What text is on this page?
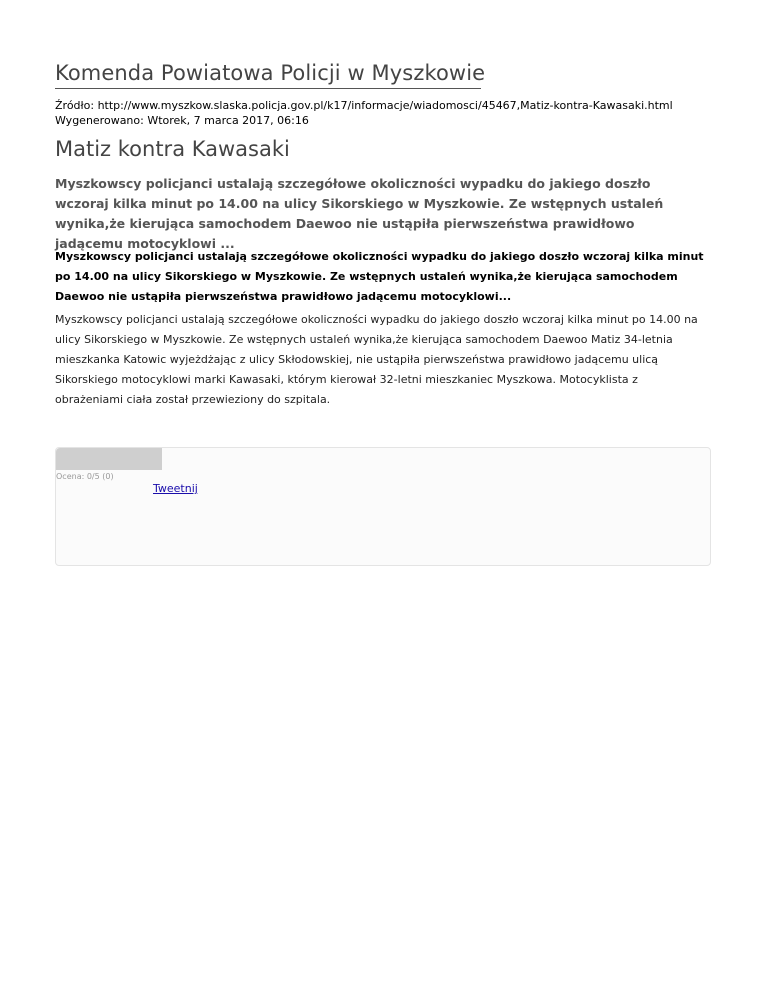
Komenda Powiatowa Policji w Myszkowie
Źródło: http://www.myszkow.slaska.policja.gov.pl/k17/informacje/wiadomosci/45467,Matiz-kontra-Kawasaki.html
Wygenerowano: Wtorek, 7 marca 2017, 06:16
Matiz kontra Kawasaki

Myszkowscy policjanci ustalają szczegółowe okoliczności wypadku do jakiego doszło wczoraj kilka minut po 14.00 na ulicy Sikorskiego w Myszkowie. Ze wstępnych ustaleń wynika,że kierująca samochodem Daewoo nie ustąpiła pierwszeństwa prawidłowo jadącemu motocyklowi ...

Myszkowscy policjanci ustalają szczegółowe okoliczności wypadku do jakiego doszło wczoraj kilka minut po 14.00 na ulicy Sikorskiego w Myszkowie. Ze wstępnych ustaleń wynika,że kierująca samochodem Daewoo nie ustąpiła pierwszeństwa prawidłowo jadącemu motocyklowi...

Myszkowscy policjanci ustalają szczegółowe okoliczności wypadku do jakiego doszło wczoraj kilka minut po 14.00 na ulicy Sikorskiego w Myszkowie. Ze wstępnych ustaleń wynika,że kierująca samochodem Daewoo Matiz 34-letnia mieszkanka Katowic wyjeżdżając z ulicy Skłodowskiej, nie ustąpiła pierwszeństwa prawidłowo jadącemu ulicą Sikorskiego motocyklowi marki Kawasaki, którym kierował 32-letni mieszkaniec Myszkowa. Motocyklista z obrażeniami ciała został przewieziony do szpitala.

Ocena: 0/5 (0)
Tweetnij
